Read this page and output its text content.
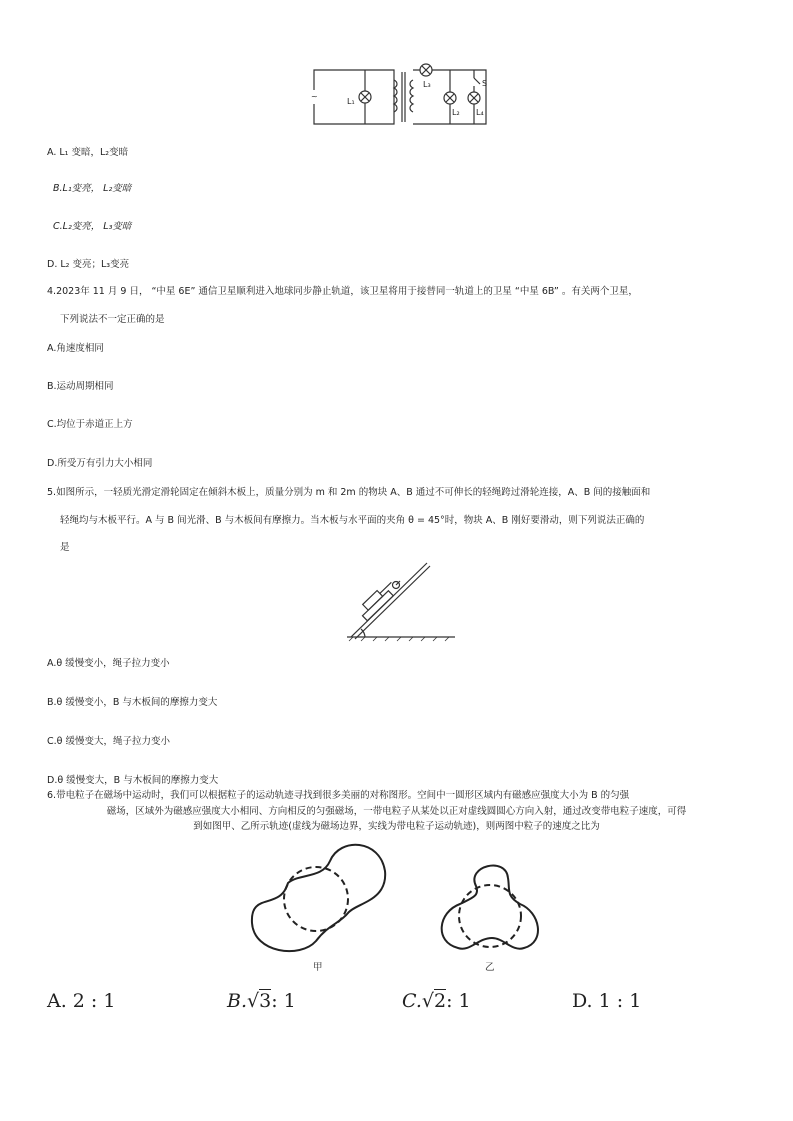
~
L₁
L₃
L₂ L₄
S
A. L₁ 变暗，L₂变暗
B.L₁变亮， L₂变暗
C.L₂变亮， L₃变暗
D. L₂ 变亮；L₃变亮
4.2023年 11 月 9 日， “中星 6E” 通信卫星顺利进入地球同步静止轨道，该卫星将用于接替同一轨道上的卫星 “中星 6B” 。有关两个卫星，
下列说法不一定正确的是
A.角速度相同
B.运动周期相同
C.均位于赤道正上方
D.所受万有引力大小相同
5.如图所示，一轻质光滑定滑轮固定在倾斜木板上，质量分别为 m 和 2m 的物块 A、B 通过不可伸长的轻绳跨过滑轮连接，A、B 间的接触面和
轻绳均与木板平行。A 与 B 间光滑、B 与木板间有摩擦力。当木板与水平面的夹角 θ = 45°时，物块 A、B 刚好要滑动，则下列说法正确的
是
A.θ 缓慢变小，绳子拉力变小
B.θ 缓慢变小，B 与木板间的摩擦力变大
C.θ 缓慢变大，绳子拉力变小
D.θ 缓慢变大，B 与木板间的摩擦力变大
6.带电粒子在磁场中运动时，我们可以根据粒子的运动轨迹寻找到很多美丽的对称图形。空间中一圆形区域内有磁感应强度大小为 B 的匀强
磁场，区域外为磁感应强度大小相同、方向相反的匀强磁场，一带电粒子从某处以正对虚线圆圆心方向入射，通过改变带电粒子速度，可得
到如图甲、乙所示轨迹(虚线为磁场边界，实线为带电粒子运动轨迹)，则两图中粒子的速度之比为
甲	乙
A. 2 : 1	B.√3: 1	C.√2: 1	D. 1 : 1
